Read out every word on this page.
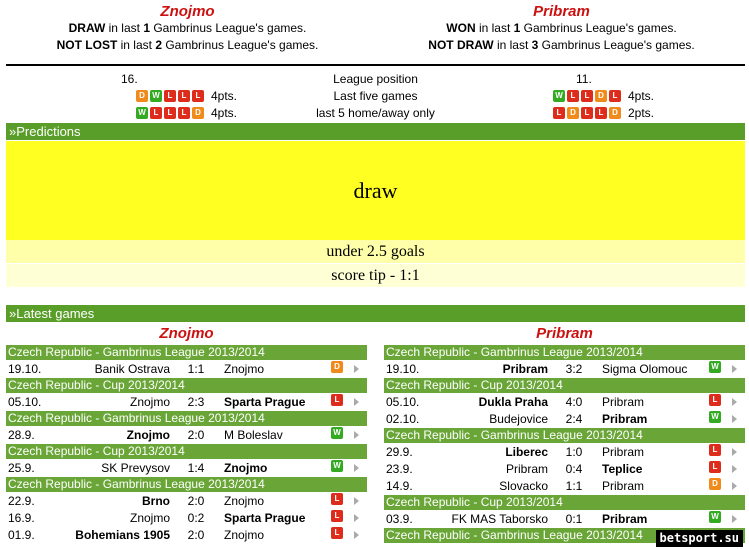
Znojmo
DRAW in last 1 Gambrinus League's games.
NOT LOST in last 2 Gambrinus League's games.
Pribram
WON in last 1 Gambrinus League's games.
NOT DRAW in last 3 Gambrinus League's games.
16.	League position	11.
D W L L L 4pts.	Last five games	W L L D L 4pts.
W L L L D 4pts.	last 5 home/away only	L D L L D 2pts.
»Predictions
draw
under 2.5 goals
score tip - 1:1
»Latest games
Znojmo
Czech Republic - Gambrinus League 2013/2014
19.10.	Banik Ostrava	1:1	Znojmo	D
Czech Republic - Cup 2013/2014
05.10.	Znojmo	2:3	Sparta Prague	L
Czech Republic - Gambrinus League 2013/2014
28.9.	Znojmo	2:0	M Boleslav	W
Czech Republic - Cup 2013/2014
25.9.	SK Prevysov	1:4	Znojmo	W
Czech Republic - Gambrinus League 2013/2014
22.9.	Brno	2:0	Znojmo	L
16.9.	Znojmo	0:2	Sparta Prague	L
01.9.	Bohemians 1905	2:0	Znojmo	L
Pribram
Czech Republic - Gambrinus League 2013/2014
19.10.	Pribram	3:2	Sigma Olomouc	W
Czech Republic - Cup 2013/2014
05.10.	Dukla Praha	4:0	Pribram	L
02.10.	Budejovice	2:4	Pribram	W
Czech Republic - Gambrinus League 2013/2014
29.9.	Liberec	1:0	Pribram	L
23.9.	Pribram	0:4	Teplice	L
14.9.	Slovacko	1:1	Pribram	D
Czech Republic - Cup 2013/2014
03.9.	FK MAS Taborsko	0:1	Pribram	W
Czech Republic - Gambrinus League 2013/2014	betsport.su
